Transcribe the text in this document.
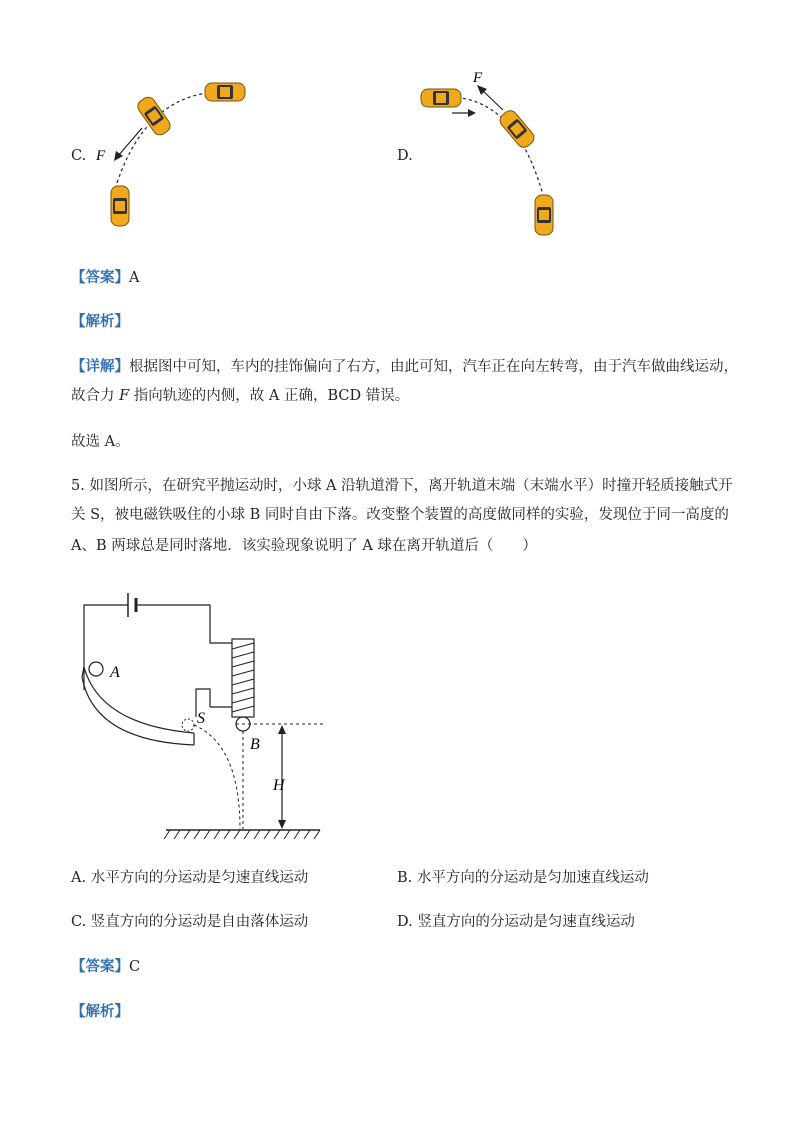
C. F	D.
F
【答案】A
【解析】
【详解】根据图中可知，车内的挂饰偏向了右方，由此可知，汽车正在向左转弯，由于汽车做曲线运动，
故合力 F 指向轨迹的内侧，故 A 正确，BCD 错误。
故选 A。
5. 如图所示，在研究平抛运动时，小球 A 沿轨道滑下，离开轨道末端（末端水平）时撞开轻质接触式开
关 S，被电磁铁吸住的小球 B 同时自由下落。改变整个装置的高度做同样的实验，发现位于同一高度的
A、B 两球总是同时落地．该实验现象说明了 A 球在离开轨道后（　　）
A
S
B
H
A. 水平方向的分运动是匀速直线运动	B. 水平方向的分运动是匀加速直线运动
C. 竖直方向的分运动是自由落体运动	D. 竖直方向的分运动是匀速直线运动
【答案】C
【解析】
